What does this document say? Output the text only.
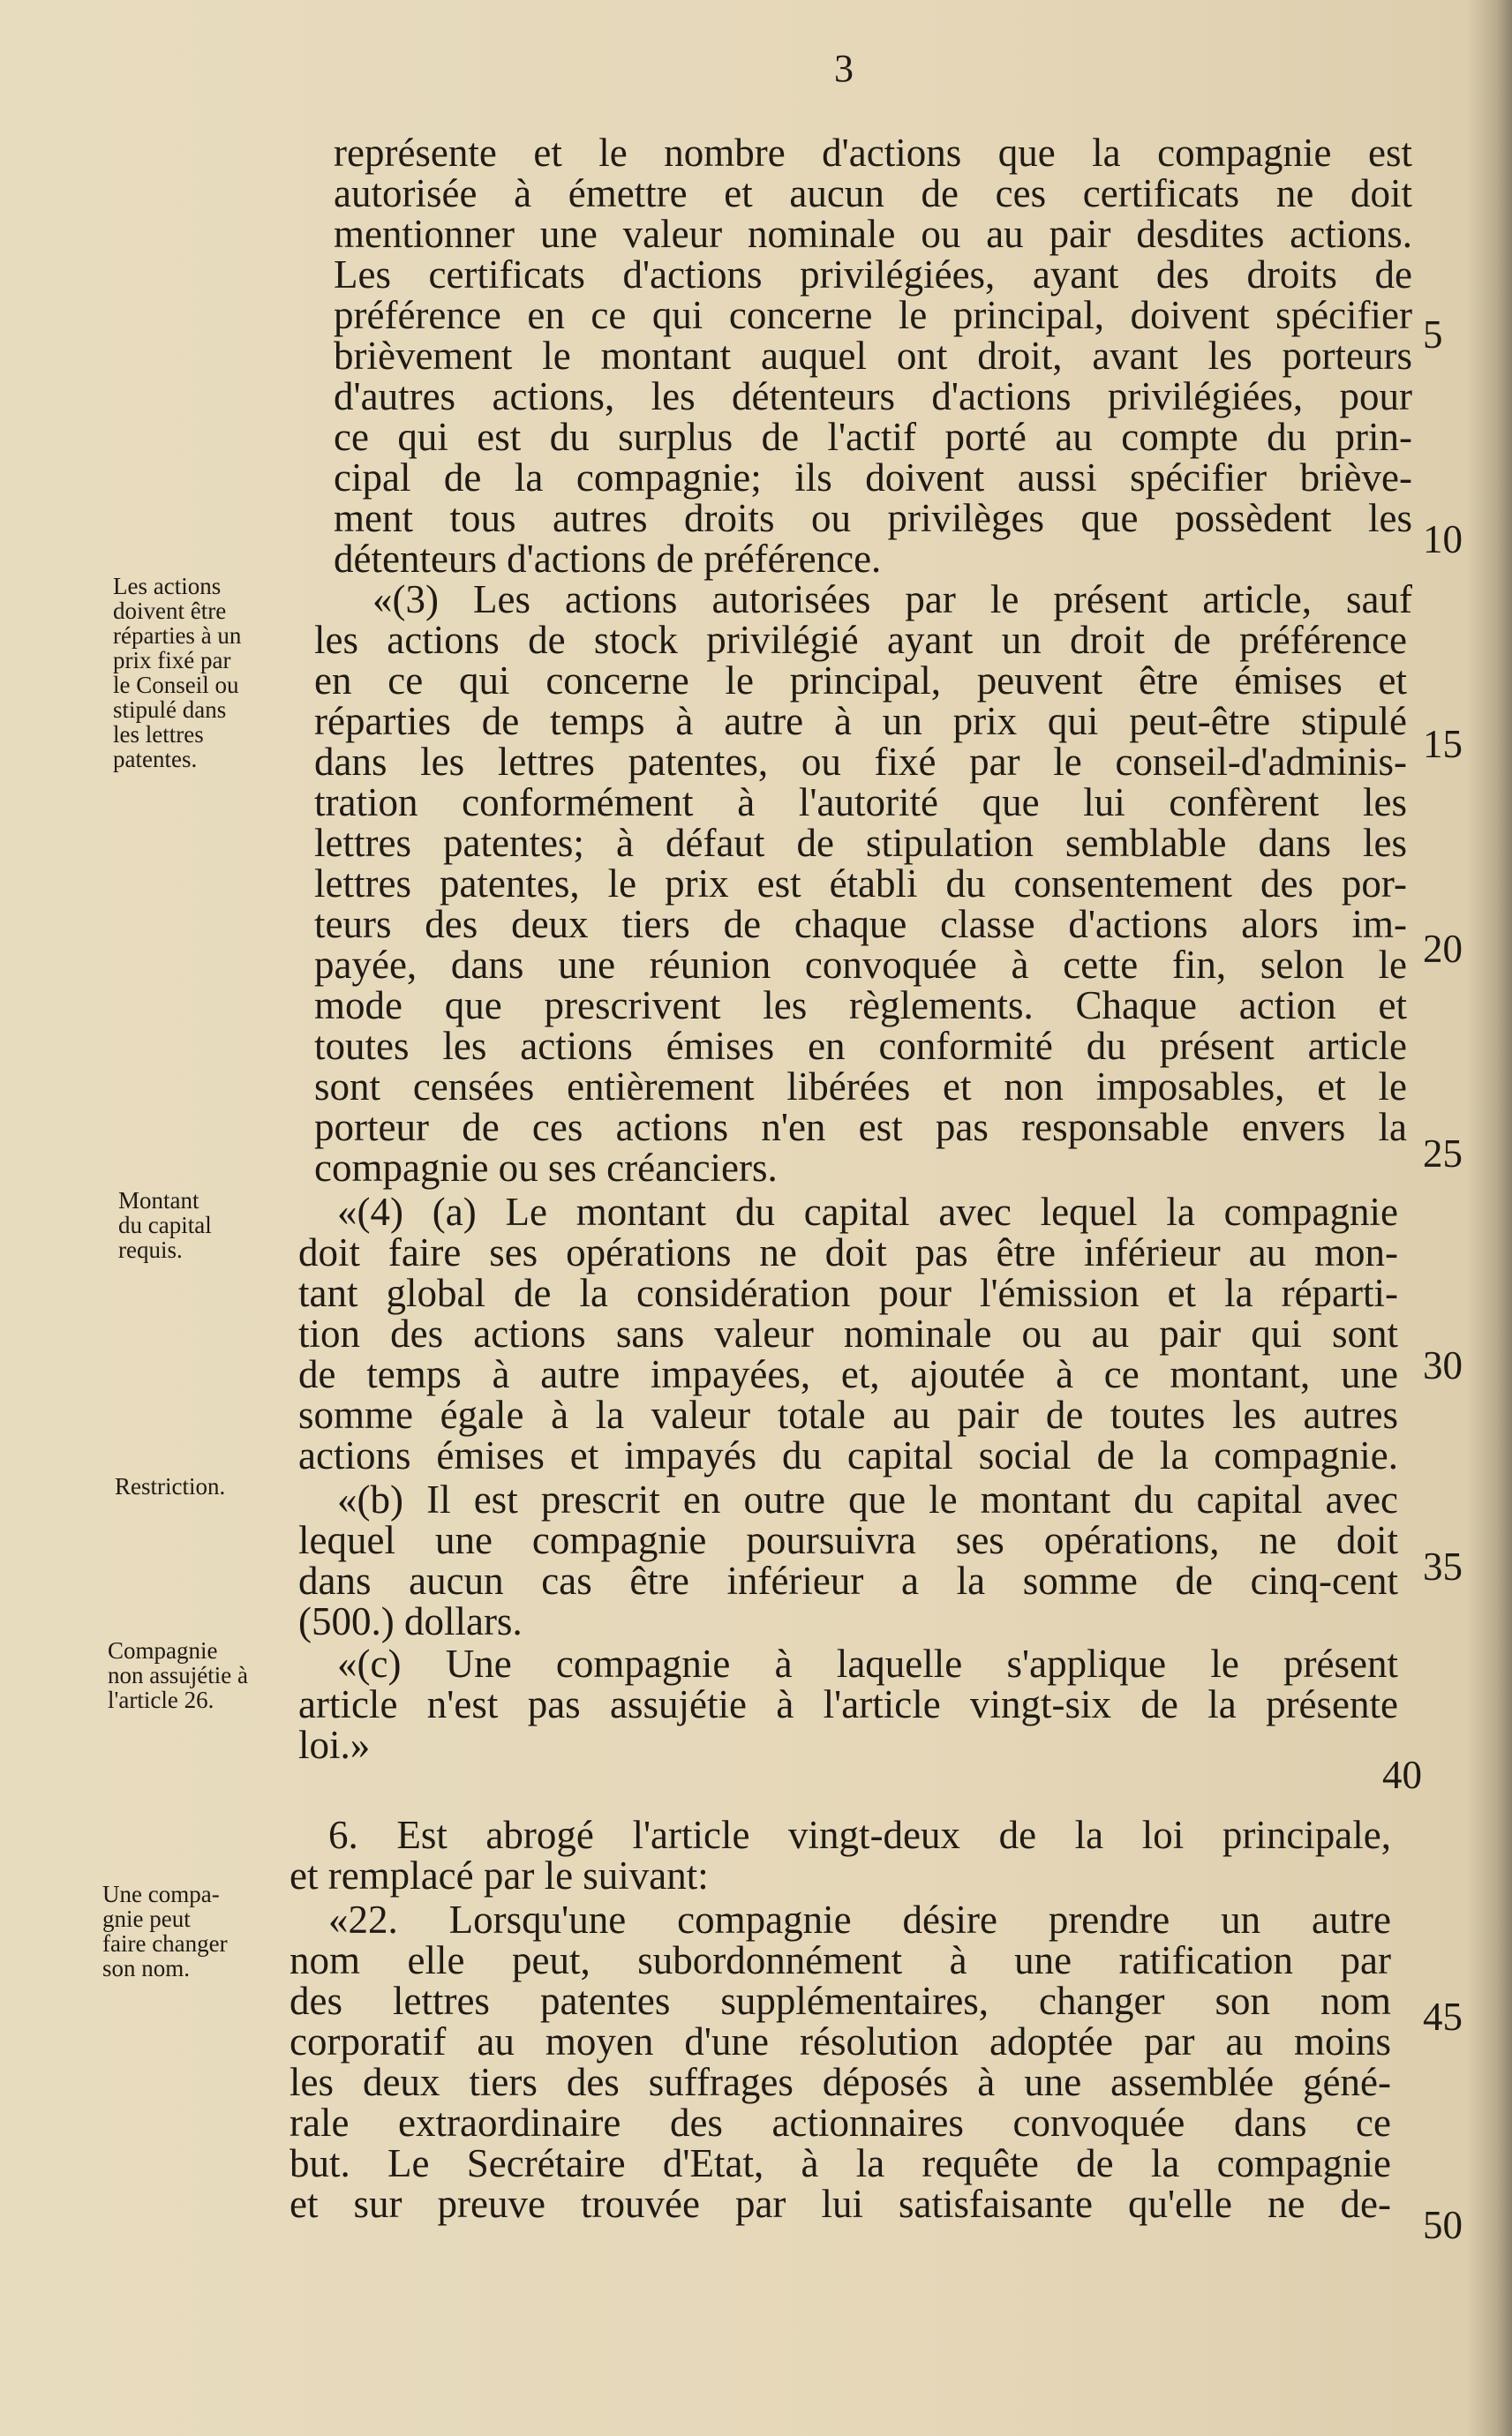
3
Les actions
doivent être
réparties à un
prix fixé par
le Conseil ou
stipulé dans
les lettres
patentes.
Montant
du capital
requis.
Restriction.
Compagnie
non assujétie à
l'article 26.
Une compa-
gnie peut
faire changer
son nom.
représente et le nombre d'actions que la compagnie est
autorisée à émettre et aucun de ces certificats ne doit
mentionner une valeur nominale ou au pair desdites actions.
Les certificats d'actions privilégiées, ayant des droits de
préférence en ce qui concerne le principal, doivent spécifier
brièvement le montant auquel ont droit, avant les porteurs
d'autres actions, les détenteurs d'actions privilégiées, pour
ce qui est du surplus de l'actif porté au compte du prin-
cipal de la compagnie; ils doivent aussi spécifier briève-
ment tous autres droits ou privilèges que possèdent les
détenteurs d'actions de préférence.
«(3) Les actions autorisées par le présent article, sauf
les actions de stock privilégié ayant un droit de préférence
en ce qui concerne le principal, peuvent être émises et
réparties de temps à autre à un prix qui peut-être stipulé
dans les lettres patentes, ou fixé par le conseil-d'adminis-
tration conformément à l'autorité que lui confèrent les
lettres patentes; à défaut de stipulation semblable dans les
lettres patentes, le prix est établi du consentement des por-
teurs des deux tiers de chaque classe d'actions alors im-
payée, dans une réunion convoquée à cette fin, selon le
mode que prescrivent les règlements. Chaque action et
toutes les actions émises en conformité du présent article
sont censées entièrement libérées et non imposables, et le
porteur de ces actions n'en est pas responsable envers la
compagnie ou ses créanciers.
«(4) (a) Le montant du capital avec lequel la compagnie
doit faire ses opérations ne doit pas être inférieur au mon-
tant global de la considération pour l'émission et la réparti-
tion des actions sans valeur nominale ou au pair qui sont
de temps à autre impayées, et, ajoutée à ce montant, une
somme égale à la valeur totale au pair de toutes les autres
actions émises et impayés du capital social de la compagnie.
«(b) Il est prescrit en outre que le montant du capital avec
lequel une compagnie poursuivra ses opérations, ne doit
dans aucun cas être inférieur a la somme de cinq-cent
(500.) dollars.
«(c) Une compagnie à laquelle s'applique le présent
article n'est pas assujétie à l'article vingt-six de la présente
loi.»
6. Est abrogé l'article vingt-deux de la loi principale,
et remplacé par le suivant:
«22. Lorsqu'une compagnie désire prendre un autre
nom elle peut, subordonnément à une ratification par
des lettres patentes supplémentaires, changer son nom
corporatif au moyen d'une résolution adoptée par au moins
les deux tiers des suffrages déposés à une assemblée géné-
rale extraordinaire des actionnaires convoquée dans ce
but. Le Secrétaire d'Etat, à la requête de la compagnie
et sur preuve trouvée par lui satisfaisante qu'elle ne de-
5
10
15
20
25
30
35
40
45
50
